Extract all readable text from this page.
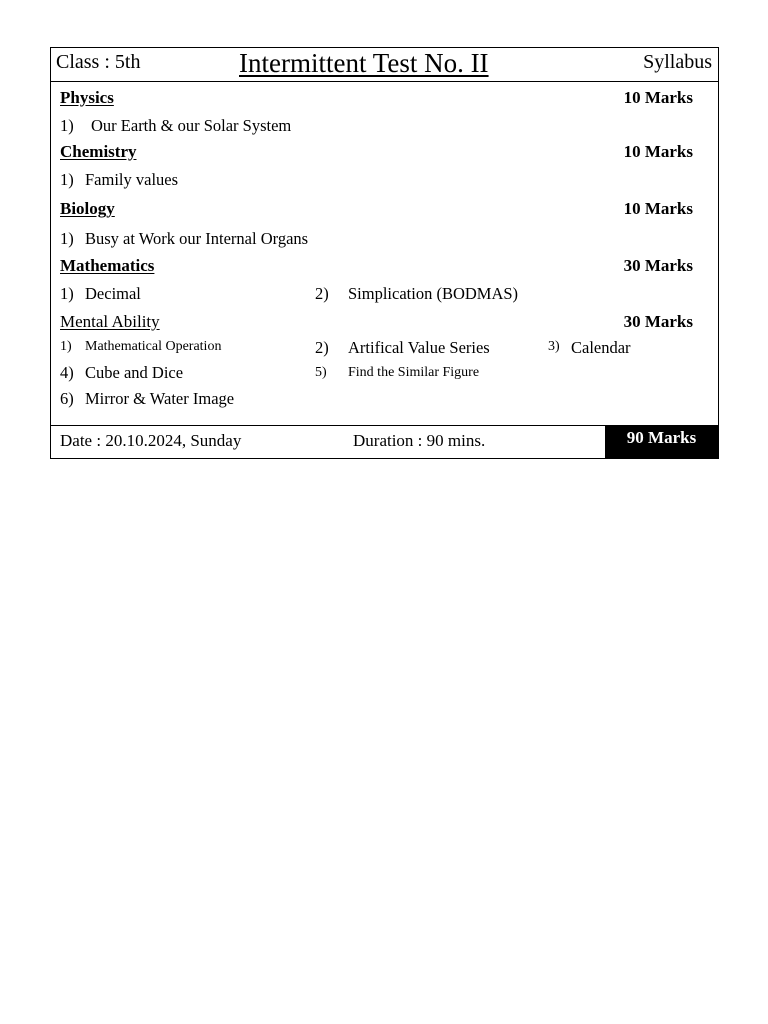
Class : 5th	Intermittent Test No. II	Syllabus
Physics	10 Marks
1) Our Earth & our Solar System
Chemistry	10 Marks
1) Family values
Biology	10 Marks
1) Busy at Work our Internal Organs
Mathematics	30 Marks
1) Decimal	2) Simplication (BODMAS)
Mental Ability	30 Marks
1) Mathematical Operation	2) Artifical Value Series	3) Calendar
4) Cube and Dice	5) Find the Similar Figure
6) Mirror & Water Image
Date : 20.10.2024, Sunday	Duration : 90 mins.	90 Marks
